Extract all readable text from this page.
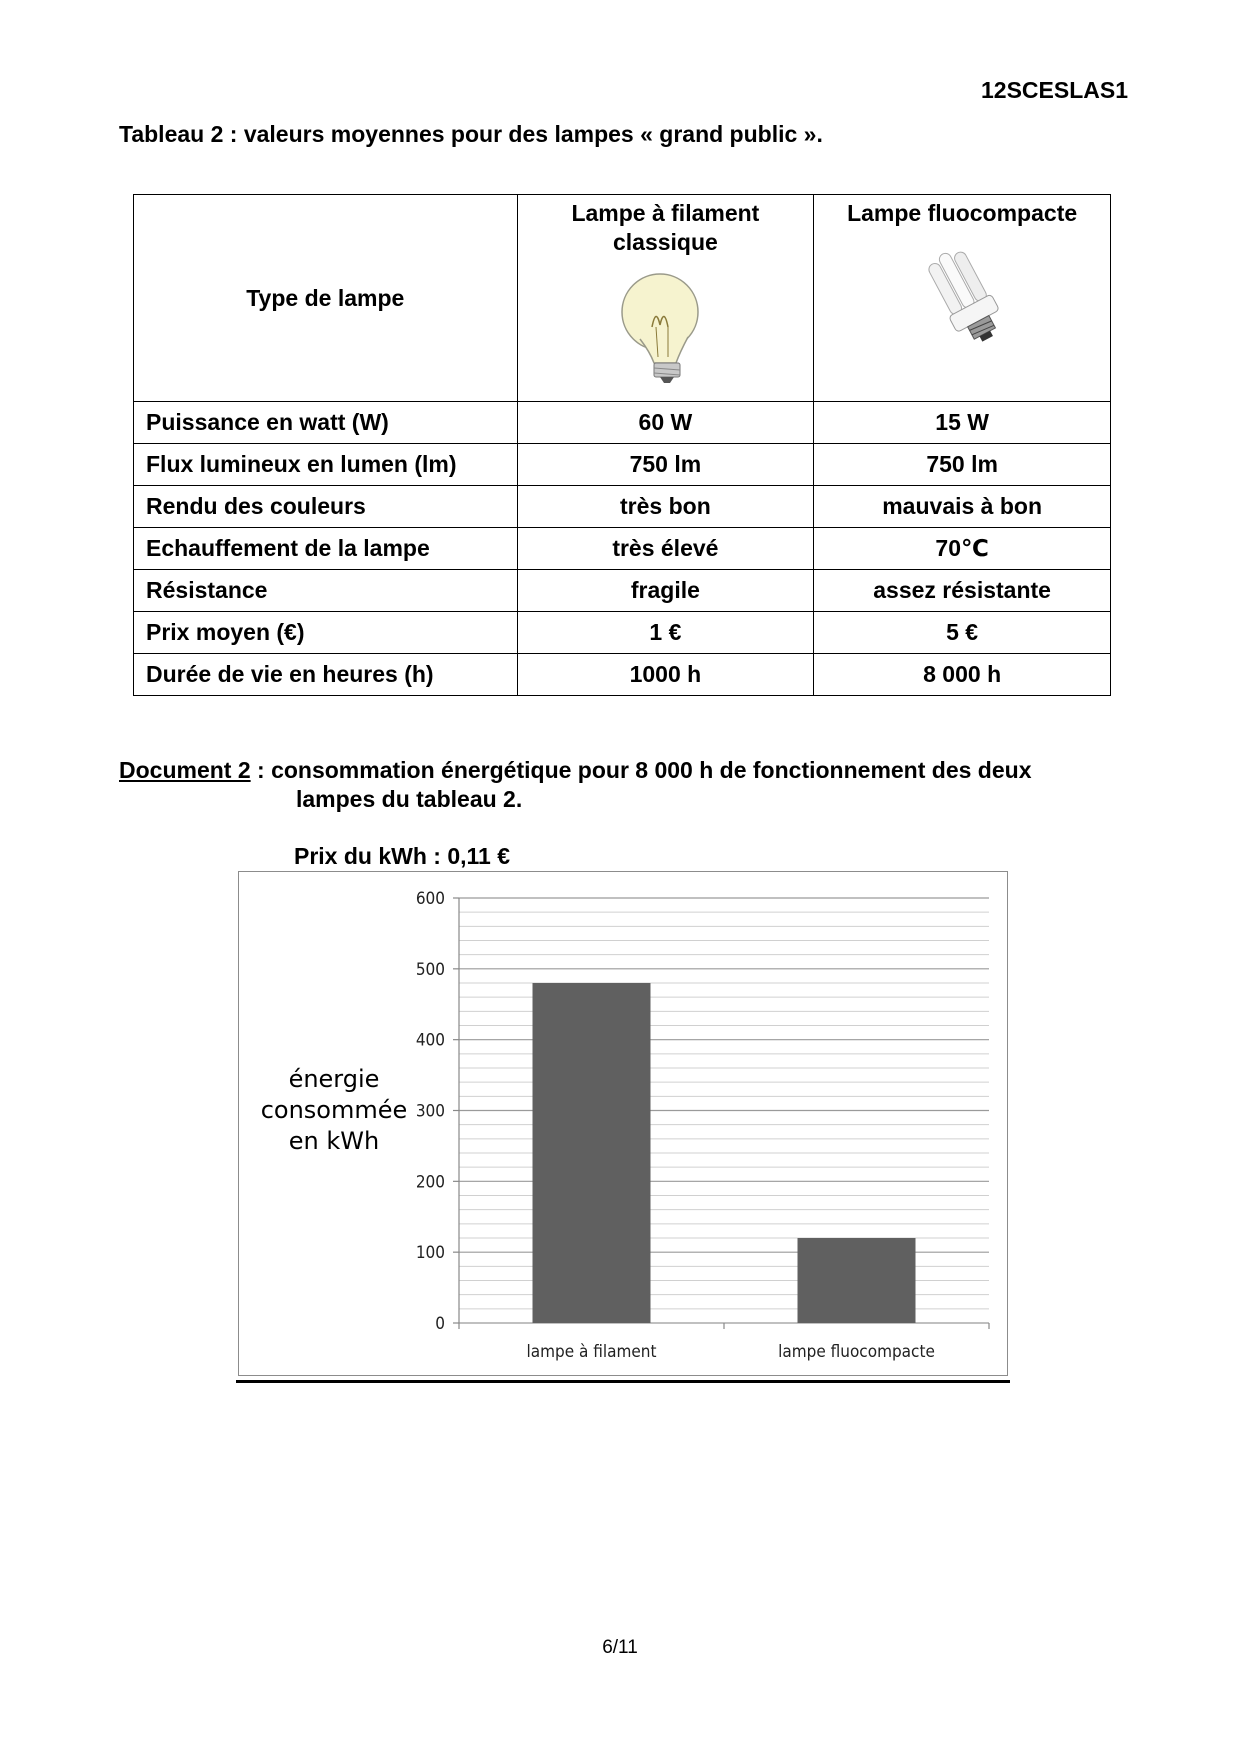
12SCESLAS1
Tableau 2 : valeurs moyennes pour des lampes « grand public ».
Type de lampe	Lampe à filament classique	Lampe fluocompacte

Puissance en watt (W)	60 W	15 W
Flux lumineux en lumen (lm)	750 lm	750 lm
Rendu des couleurs	très bon	mauvais à bon
Echauffement de la lampe	très élevé	70℃
Résistance	fragile	assez résistante
Prix moyen (€)	1 €	5 €
Durée de vie en heures (h)	1000 h	8 000 h
Document 2 : consommation énergétique pour 8 000 h de fonctionnement des deux
lampes du tableau 2.
Prix du kWh : 0,11 €
0
100
200
300
400
500
600
lampe à filament	lampe fluocompacte
énergie
consommée
en kWh
6/11
